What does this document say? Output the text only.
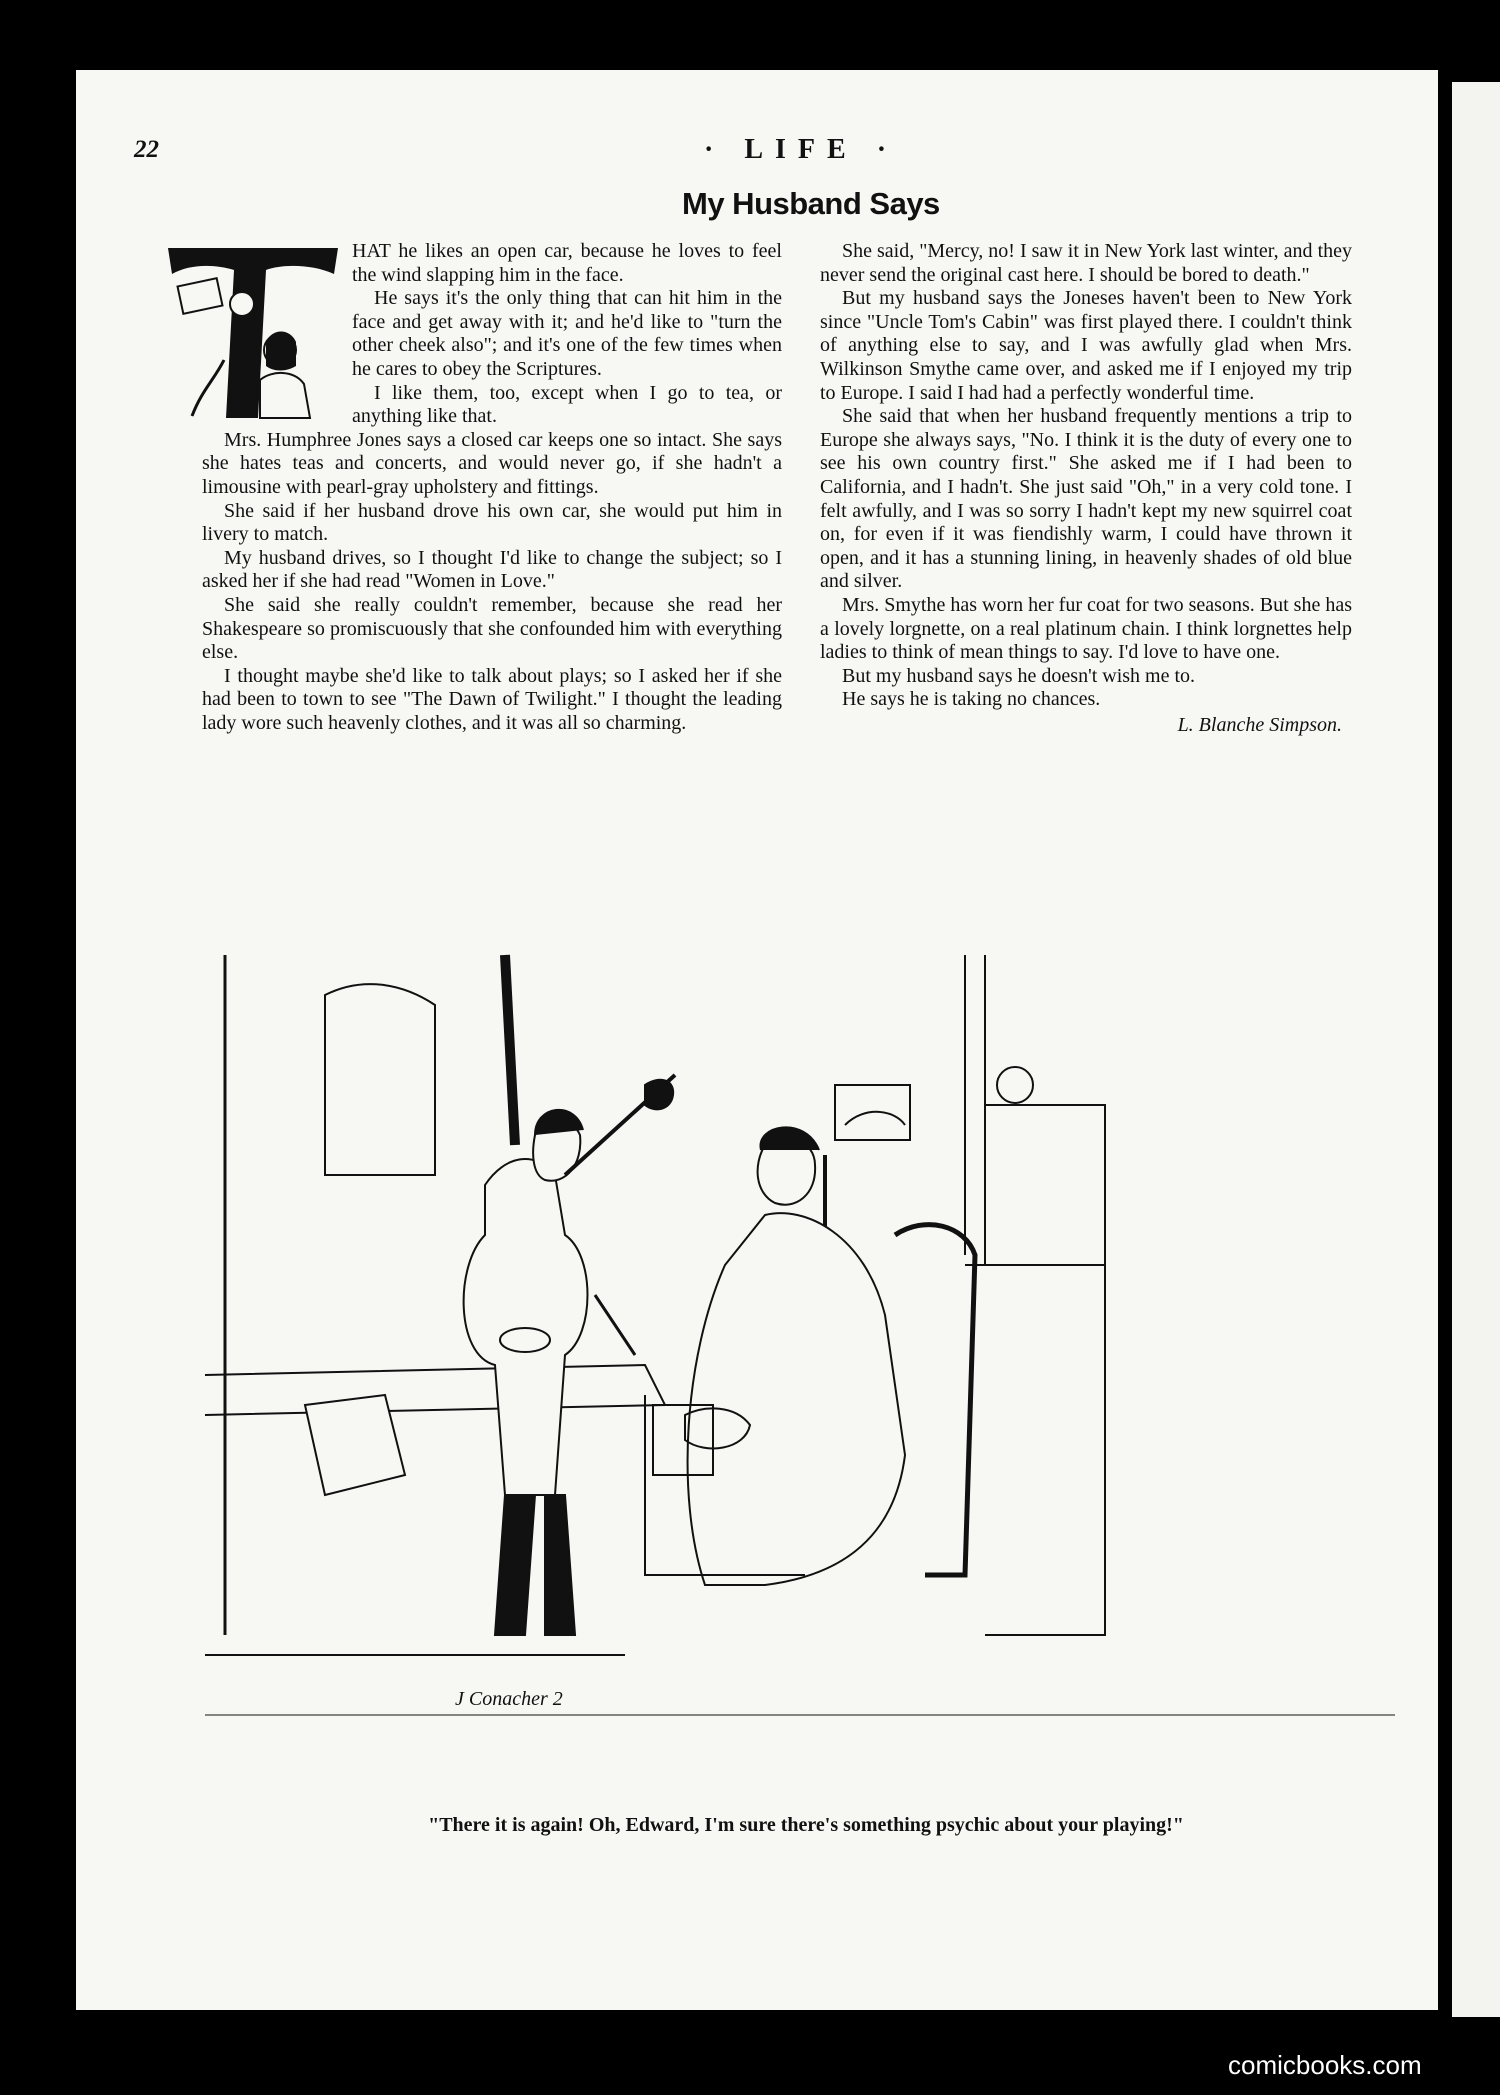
22	· LIFE ·
My Husband Says

HAT he likes an open car, because he loves to feel the wind slapping him in the face.

He says it's the only thing that can hit him in the face and get away with it; and he'd like to "turn the other cheek also"; and it's one of the few times when he cares to obey the Scriptures.

I like them, too, except when I go to tea, or anything like that.

Mrs. Humphree Jones says a closed car keeps one so intact. She says she hates teas and concerts, and would never go, if she hadn't a limousine with pearl-gray upholstery and fittings.

She said if her husband drove his own car, she would put him in livery to match.

My husband drives, so I thought I'd like to change the subject; so I asked her if she had read "Women in Love."

She said she really couldn't remember, because she read her Shakespeare so promiscuously that she confounded him with everything else.

I thought maybe she'd like to talk about plays; so I asked her if she had been to town to see "The Dawn of Twilight." I thought the leading lady wore such heavenly clothes, and it was all so charming.

She said, "Mercy, no! I saw it in New York last winter, and they never send the original cast here. I should be bored to death."

But my husband says the Joneses haven't been to New York since "Uncle Tom's Cabin" was first played there. I couldn't think of anything else to say, and I was awfully glad when Mrs. Wilkinson Smythe came over, and asked me if I enjoyed my trip to Europe. I said I had had a perfectly wonderful time.

She said that when her husband frequently mentions a trip to Europe she always says, "No. I think it is the duty of every one to see his own country first." She asked me if I had been to California, and I hadn't. She just said "Oh," in a very cold tone. I felt awfully, and I was so sorry I hadn't kept my new squirrel coat on, for even if it was fiendishly warm, I could have thrown it open, and it has a stunning lining, in heavenly shades of old blue and silver.

Mrs. Smythe has worn her fur coat for two seasons. But she has a lovely lorgnette, on a real platinum chain. I think lorgnettes help ladies to think of mean things to say. I'd love to have one.

But my husband says he doesn't wish me to.

He says he is taking no chances.

L. Blanche Simpson.
J Conacher 2
"There it is again! Oh, Edward, I'm sure there's something psychic about your playing!"
comicbooks.com
